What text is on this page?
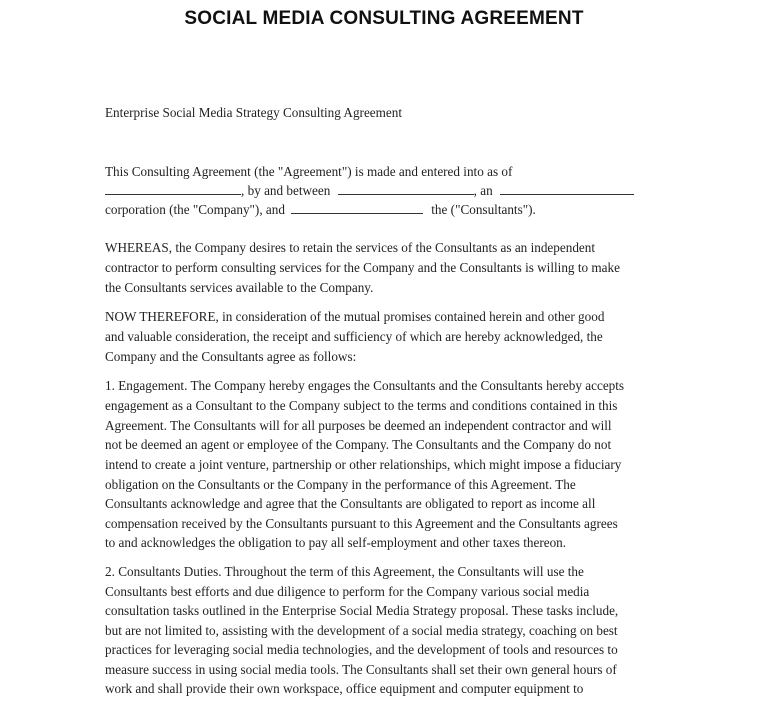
SOCIAL MEDIA CONSULTING AGREEMENT
Enterprise Social Media Strategy Consulting Agreement
This Consulting Agreement (the "Agreement") is made and entered into as of
, by and between	, an
corporation (the "Company"), and	the ("Consultants").
WHEREAS, the Company desires to retain the services of the Consultants as an independent
contractor to perform consulting services for the Company and the Consultants is willing to make
the Consultants services available to the Company.
NOW THEREFORE, in consideration of the mutual promises contained herein and other good
and valuable consideration, the receipt and sufficiency of which are hereby acknowledged, the
Company and the Consultants agree as follows:
1. Engagement. The Company hereby engages the Consultants and the Consultants hereby accepts
engagement as a Consultant to the Company subject to the terms and conditions contained in this
Agreement. The Consultants will for all purposes be deemed an independent contractor and will
not be deemed an agent or employee of the Company. The Consultants and the Company do not
intend to create a joint venture, partnership or other relationships, which might impose a fiduciary
obligation on the Consultants or the Company in the performance of this Agreement. The
Consultants acknowledge and agree that the Consultants are obligated to report as income all
compensation received by the Consultants pursuant to this Agreement and the Consultants agrees
to and acknowledges the obligation to pay all self-employment and other taxes thereon.
2. Consultants Duties. Throughout the term of this Agreement, the Consultants will use the
Consultants best efforts and due diligence to perform for the Company various social media
consultation tasks outlined in the Enterprise Social Media Strategy proposal. These tasks include,
but are not limited to, assisting with the development of a social media strategy, coaching on best
practices for leveraging social media technologies, and the development of tools and resources to
measure success in using social media tools. The Consultants shall set their own general hours of
work and shall provide their own workspace, office equipment and computer equipment to
